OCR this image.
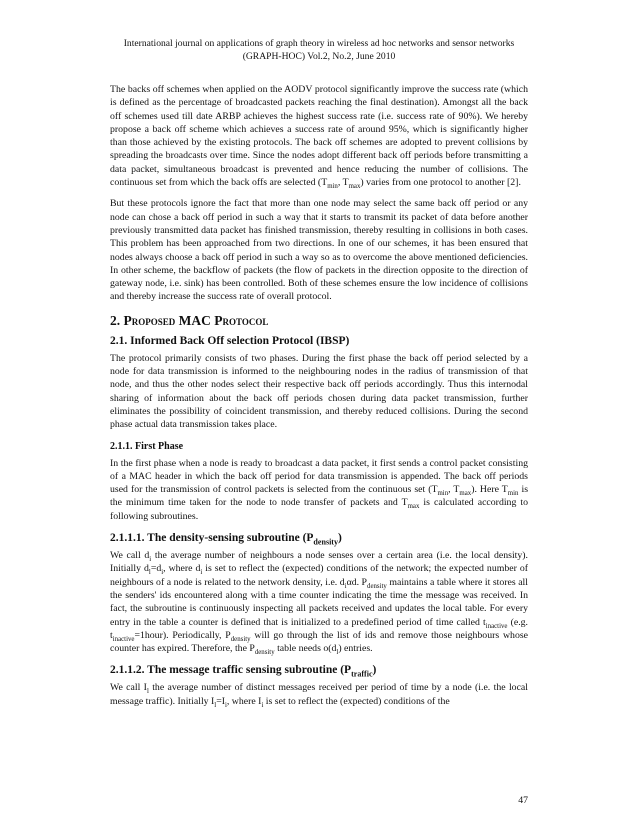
International journal on applications of graph theory in wireless ad hoc networks and sensor networks
(GRAPH-HOC) Vol.2, No.2, June 2010

The backs off schemes when applied on the AODV protocol significantly improve the success rate (which is defined as the percentage of broadcasted packets reaching the final destination). Amongst all the back off schemes used till date ARBP achieves the highest success rate (i.e. success rate of 90%). We hereby propose a back off scheme which achieves a success rate of around 95%, which is significantly higher than those achieved by the existing protocols. The back off schemes are adopted to prevent collisions by spreading the broadcasts over time. Since the nodes adopt different back off periods before transmitting a data packet, simultaneous broadcast is prevented and hence reducing the number of collisions. The continuous set from which the back offs are selected ($T_{min}$, $T_{max}$) varies from one protocol to another [2].

But these protocols ignore the fact that more than one node may select the same back off period or any node can chose a back off period in such a way that it starts to transmit its packet of data before another previously transmitted data packet has finished transmission, thereby resulting in collisions in both cases. This problem has been approached from two directions. In one of our schemes, it has been ensured that nodes always choose a back off period in such a way so as to overcome the above mentioned deficiencies. In other scheme, the backflow of packets (the flow of packets in the direction opposite to the direction of gateway node, i.e. sink) has been controlled. Both of these schemes ensure the low incidence of collisions and thereby increase the success rate of overall protocol.

2. Proposed MAC Protocol
2.1. Informed Back Off selection Protocol (IBSP)

The protocol primarily consists of two phases. During the first phase the back off period selected by a node for data transmission is informed to the neighbouring nodes in the radius of transmission of that node, and thus the other nodes select their respective back off periods accordingly. Thus this internodal sharing of information about the back off periods chosen during data packet transmission, further eliminates the possibility of coincident transmission, and thereby reduced collisions. During the second phase actual data transmission takes place.

2.1.1. First Phase

In the first phase when a node is ready to broadcast a data packet, it first sends a control packet consisting of a MAC header in which the back off period for data transmission is appended. The back off periods used for the transmission of control packets is selected from the continuous set ($T_{min}$, $T_{max}$). Here $T_{min}$ is the minimum time taken for the node to node transfer of packets and $T_{max}$ is calculated according to following subroutines.

2.1.1.1. The density-sensing subroutine $(P_{density})$

We call $d_i$ the average number of neighbours a node senses over a certain area (i.e. the local density). Initially $d_l=d_i$, where $d_i$ is set to reflect the (expected) conditions of the network; the expected number of neighbours of a node is related to the network density, i.e. $d_i\alpha d$. $P_{density}$ maintains a table where it stores all the senders' ids encountered along with a time counter indicating the time the message was received. In fact, the subroutine is continuously inspecting all packets received and updates the local table. For every entry in the table a counter is defined that is initialized to a predefined period of time called $t_{inactive}$ (e.g. $t_{inactive}=1hour$). Periodically, $P_{density}$ will go through the list of ids and remove those neighbours whose counter has expired. Therefore, the $P_{density}$ table needs $o(d_l)$ entries.

2.1.1.2. The message traffic sensing subroutine $(P_{traffic})$

We call $I_l$ the average number of distinct messages received per period of time by a node (i.e. the local message traffic). Initially $I_l=I_i$, where $I_i$ is set to reflect the (expected) conditions of the

47
